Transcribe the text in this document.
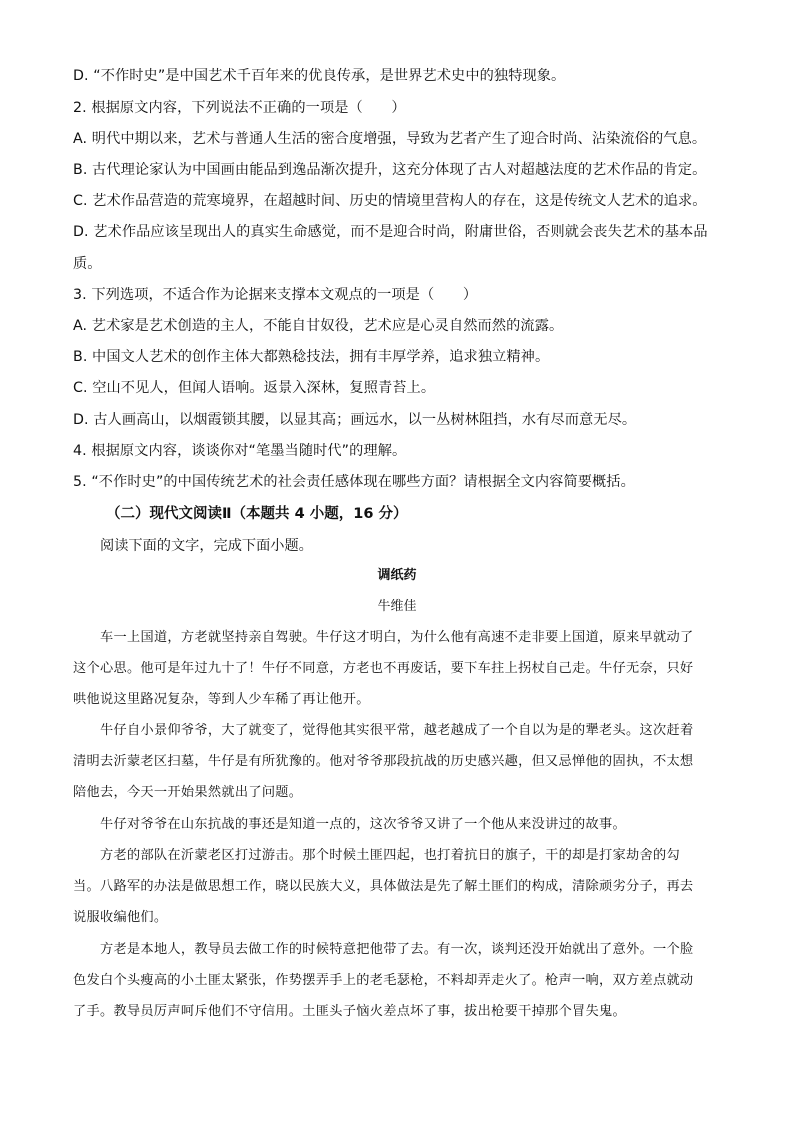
D. “不作时史”是中国艺术千百年来的优良传承，是世界艺术史中的独特现象。
2. 根据原文内容，下列说法不正确的一项是（　　）
A. 明代中期以来，艺术与普通人生活的密合度增强，导致为艺者产生了迎合时尚、沾染流俗的气息。
B. 古代理论家认为中国画由能品到逸品渐次提升，这充分体现了古人对超越法度的艺术作品的肯定。
C. 艺术作品营造的荒寒境界，在超越时间、历史的情境里营构人的存在，这是传统文人艺术的追求。
D. 艺术作品应该呈现出人的真实生命感觉，而不是迎合时尚，附庸世俗，否则就会丧失艺术的基本品
质。
3. 下列选项，不适合作为论据来支撑本文观点的一项是（　　）
A. 艺术家是艺术创造的主人，不能自甘奴役，艺术应是心灵自然而然的流露。
B. 中国文人艺术的创作主体大都熟稔技法，拥有丰厚学养，追求独立精神。
C. 空山不见人，但闻人语响。返景入深林，复照青苔上。
D. 古人画高山，以烟霞锁其腰，以显其高；画远水，以一丛树林阻挡，水有尽而意无尽。
4. 根据原文内容，谈谈你对“笔墨当随时代”的理解。
5. “不作时史”的中国传统艺术的社会责任感体现在哪些方面？请根据全文内容简要概括。
（二）现代文阅读Ⅱ（本题共 4 小题，16 分）
阅读下面的文字，完成下面小题。
调纸药
牛维佳
车一上国道，方老就坚持亲自驾驶。牛仔这才明白，为什么他有高速不走非要上国道，原来早就动了
这个心思。他可是年过九十了！牛仔不同意，方老也不再废话，要下车拄上拐杖自己走。牛仔无奈，只好
哄他说这里路况复杂，等到人少车稀了再让他开。
牛仔自小景仰爷爷，大了就变了，觉得他其实很平常，越老越成了一个自以为是的犟老头。这次赶着
清明去沂蒙老区扫墓，牛仔是有所犹豫的。他对爷爷那段抗战的历史感兴趣，但又忌惮他的固执，不太想
陪他去，今天一开始果然就出了问题。
牛仔对爷爷在山东抗战的事还是知道一点的，这次爷爷又讲了一个他从来没讲过的故事。
方老的部队在沂蒙老区打过游击。那个时候土匪四起，也打着抗日的旗子，干的却是打家劫舍的勾
当。八路军的办法是做思想工作，晓以民族大义，具体做法是先了解土匪们的构成，清除顽劣分子，再去
说服收编他们。
方老是本地人，教导员去做工作的时候特意把他带了去。有一次，谈判还没开始就出了意外。一个脸
色发白个头瘦高的小土匪太紧张，作势摆弄手上的老毛瑟枪，不料却弄走火了。枪声一响，双方差点就动
了手。教导员厉声呵斥他们不守信用。土匪头子恼火差点坏了事，拔出枪要干掉那个冒失鬼。
